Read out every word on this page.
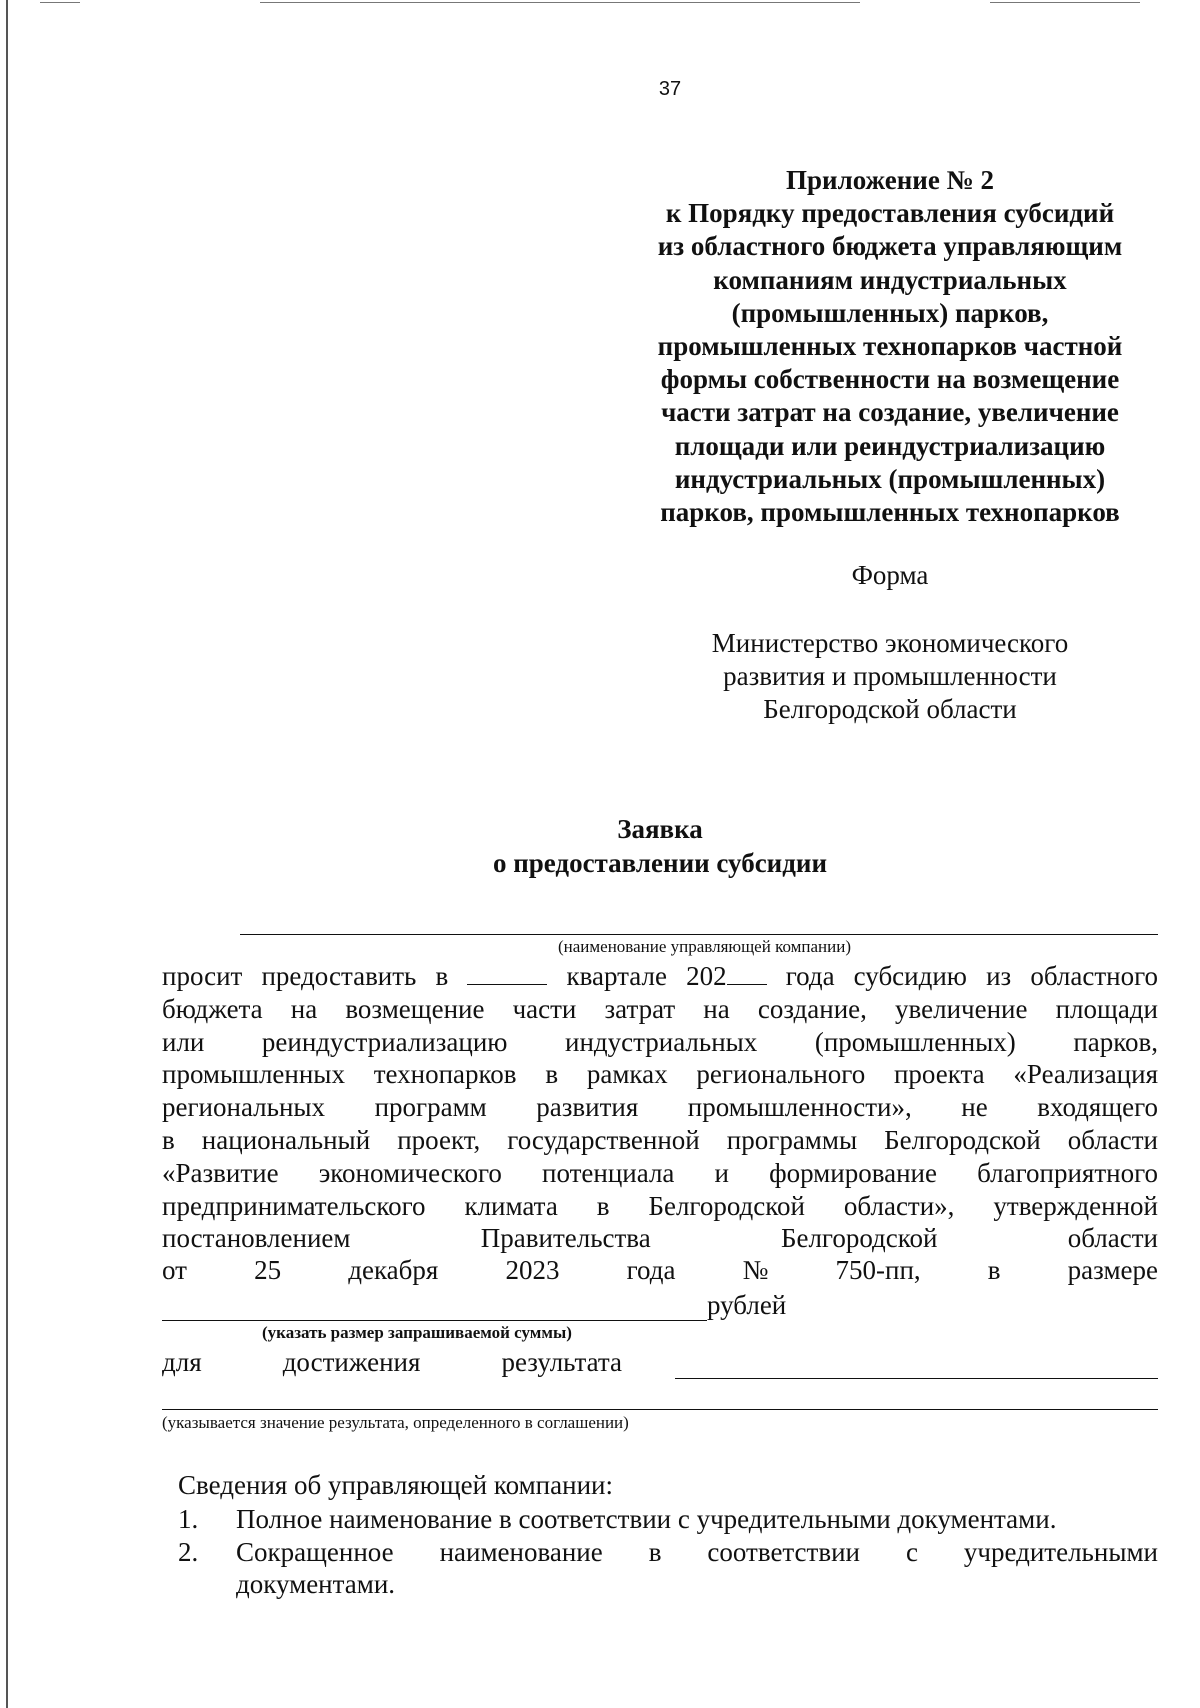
37
Приложение № 2
к Порядку предоставления субсидий
из областного бюджета управляющим
компаниям индустриальных
(промышленных) парков,
промышленных технопарков частной
формы собственности на возмещение
части затрат на создание, увеличение
площади или реиндустриализацию
индустриальных (промышленных)
парков, промышленных технопарков
Форма
Министерство экономического
развития и промышленности
Белгородской области
Заявка
о предоставлении субсидии
(наименование управляющей компании)
просит предоставить в	квартале 202 года субсидию из областного
бюджета на возмещение части затрат на создание, увеличение площади
или реиндустриализацию индустриальных (промышленных) парков,
промышленных технопарков в рамках регионального проекта «Реализация
региональных программ развития промышленности», не входящего
в национальный проект, государственной программы Белгородской области
«Развитие экономического потенциала и формирование благоприятного
предпринимательского климата в Белгородской области», утвержденной
постановлением Правительства Белгородской области
от 25 декабря 2023 года № 750-пп, в размере
рублей
(указать размер запрашиваемой суммы)
для	достижения	результата
(указывается значение результата, определенного в соглашении)
Сведения об управляющей компании:
1.	Полное наименование в соответствии с учредительными документами.
2.	Сокращенное наименование в соответствии с учредительными
документами.
